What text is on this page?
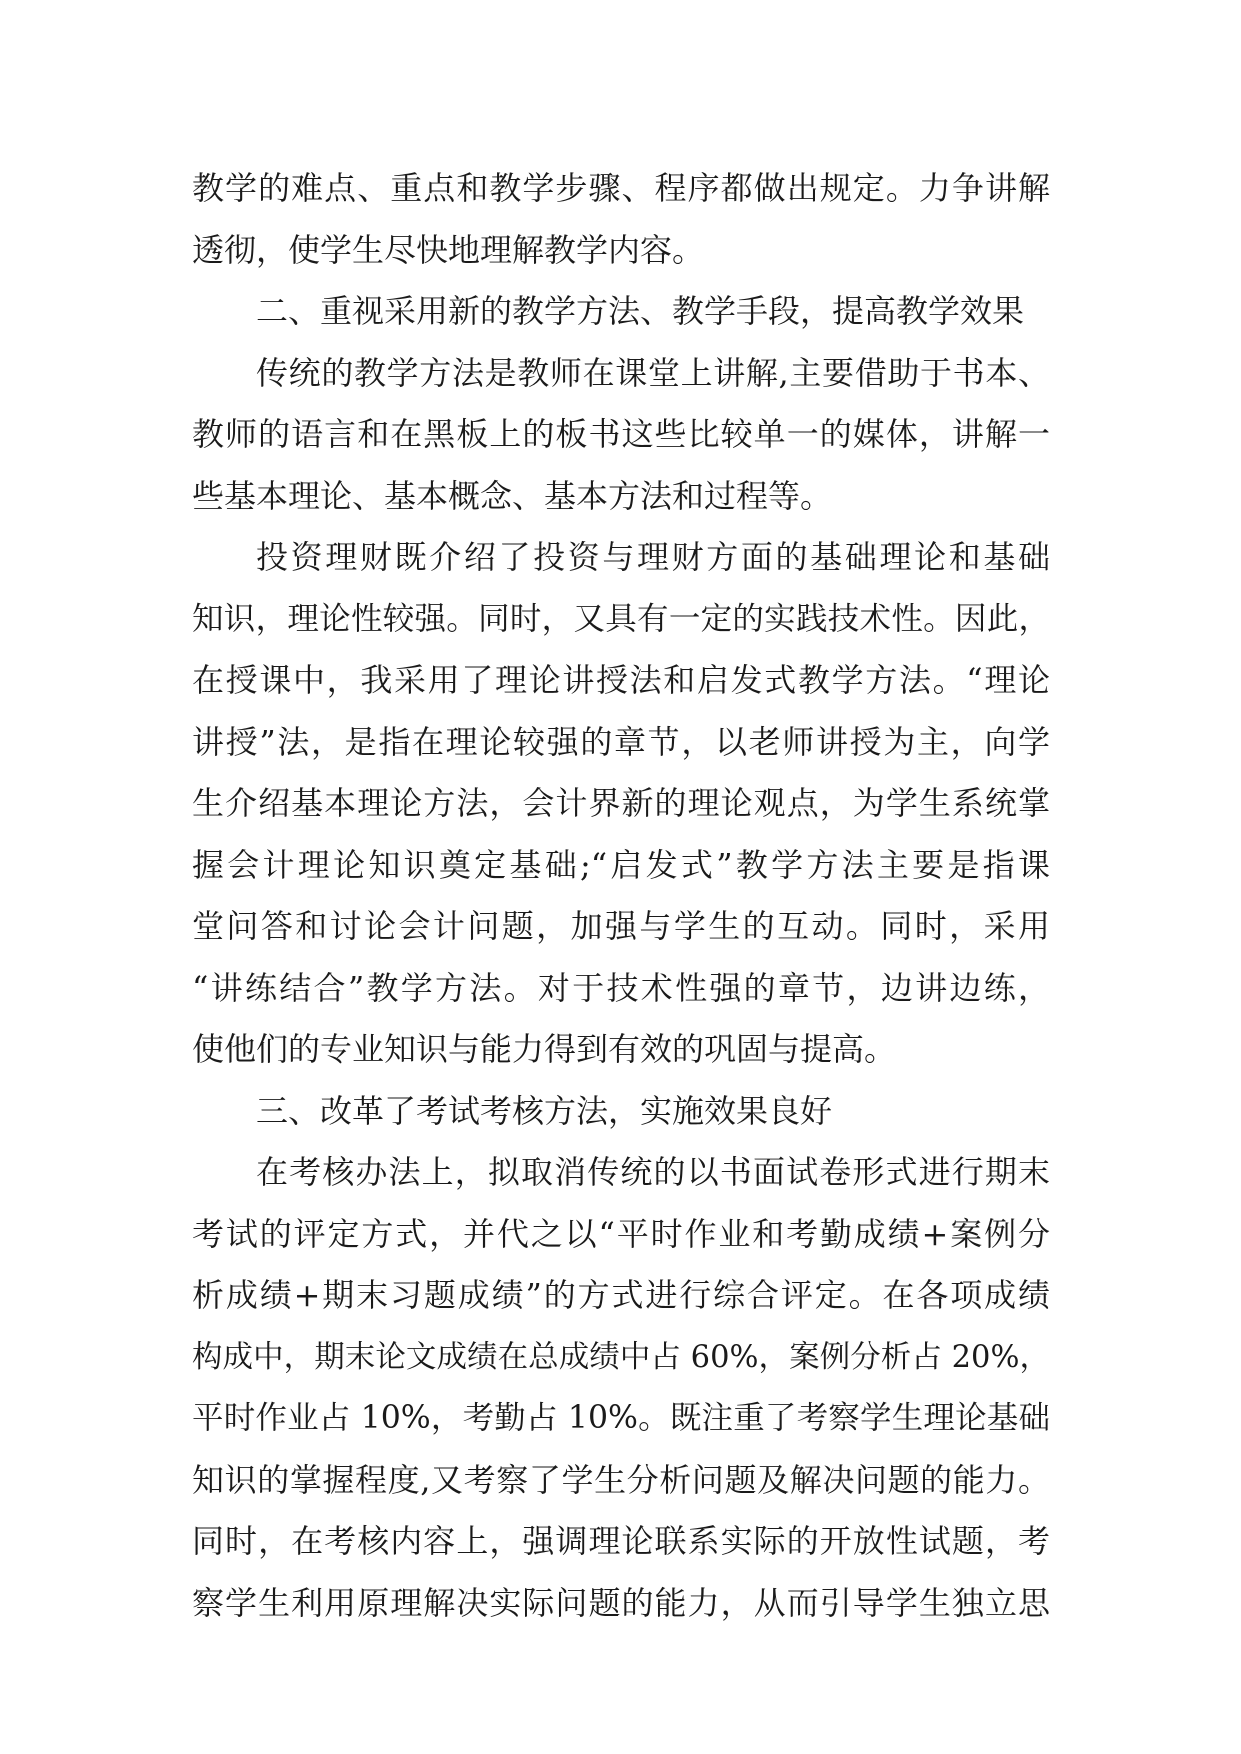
教学的难点、重点和教学步骤、程序都做出规定。力争讲解
透彻，使学生尽快地理解教学内容。
二、重视采用新的教学方法、教学手段，提高教学效果
传统的教学方法是教师在课堂上讲解,主要借助于书本、
教师的语言和在黑板上的板书这些比较单一的媒体，讲解一
些基本理论、基本概念、基本方法和过程等。
投资理财既介绍了投资与理财方面的基础理论和基础
知识，理论性较强。同时，又具有一定的实践技术性。因此，
在授课中，我采用了理论讲授法和启发式教学方法。“理论
讲授”法，是指在理论较强的章节，以老师讲授为主，向学
生介绍基本理论方法，会计界新的理论观点，为学生系统掌
握会计理论知识奠定基础;“启发式”教学方法主要是指课
堂问答和讨论会计问题，加强与学生的互动。同时，采用
“讲练结合”教学方法。对于技术性强的章节，边讲边练，
使他们的专业知识与能力得到有效的巩固与提高。
三、改革了考试考核方法，实施效果良好
在考核办法上，拟取消传统的以书面试卷形式进行期末
考试的评定方式，并代之以“平时作业和考勤成绩+案例分
析成绩+期末习题成绩”的方式进行综合评定。在各项成绩
构成中，期末论文成绩在总成绩中占 60%，案例分析占 20%，
平时作业占 10%，考勤占 10%。既注重了考察学生理论基础
知识的掌握程度,又考察了学生分析问题及解决问题的能力。
同时，在考核内容上，强调理论联系实际的开放性试题，考
察学生利用原理解决实际问题的能力，从而引导学生独立思
